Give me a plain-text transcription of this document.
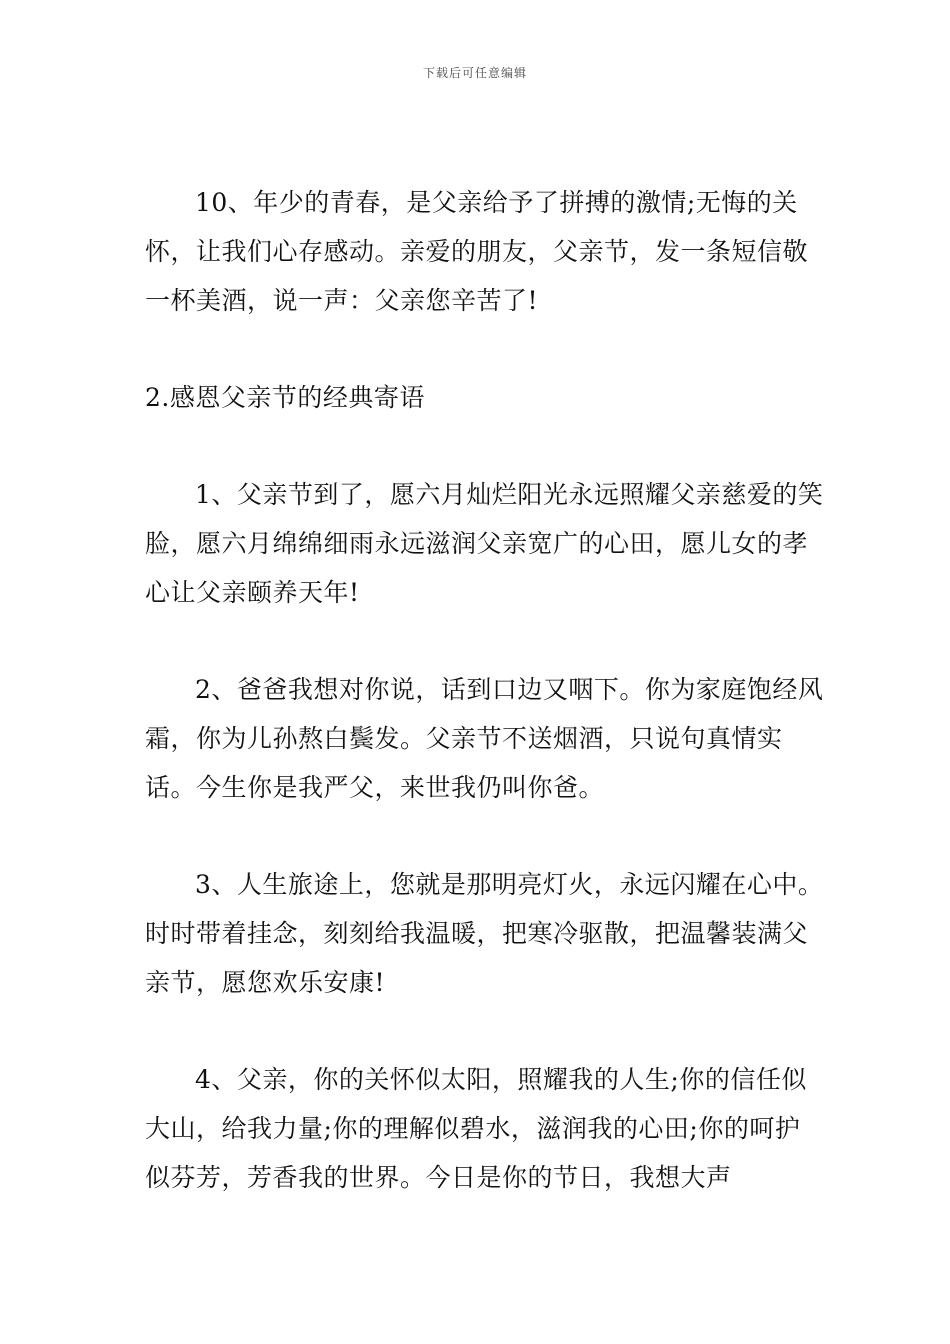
下载后可任意编辑

10、年少的青春，是父亲给予了拼搏的激情;无悔的关怀，让我们心存感动。亲爱的朋友，父亲节，发一条短信敬一杯美酒，说一声：父亲您辛苦了!

2.感恩父亲节的经典寄语

1、父亲节到了，愿六月灿烂阳光永远照耀父亲慈爱的笑脸，愿六月绵绵细雨永远滋润父亲宽广的心田，愿儿女的孝心让父亲颐养天年!

2、爸爸我想对你说，话到口边又咽下。你为家庭饱经风霜，你为儿孙熬白鬓发。父亲节不送烟酒，只说句真情实话。今生你是我严父，来世我仍叫你爸。

3、人生旅途上，您就是那明亮灯火，永远闪耀在心中。时时带着挂念，刻刻给我温暖，把寒冷驱散，把温馨装满父亲节，愿您欢乐安康!

4、父亲，你的关怀似太阳，照耀我的人生;你的信任似大山，给我力量;你的理解似碧水，滋润我的心田;你的呵护似芬芳，芳香我的世界。今日是你的节日，我想大声
